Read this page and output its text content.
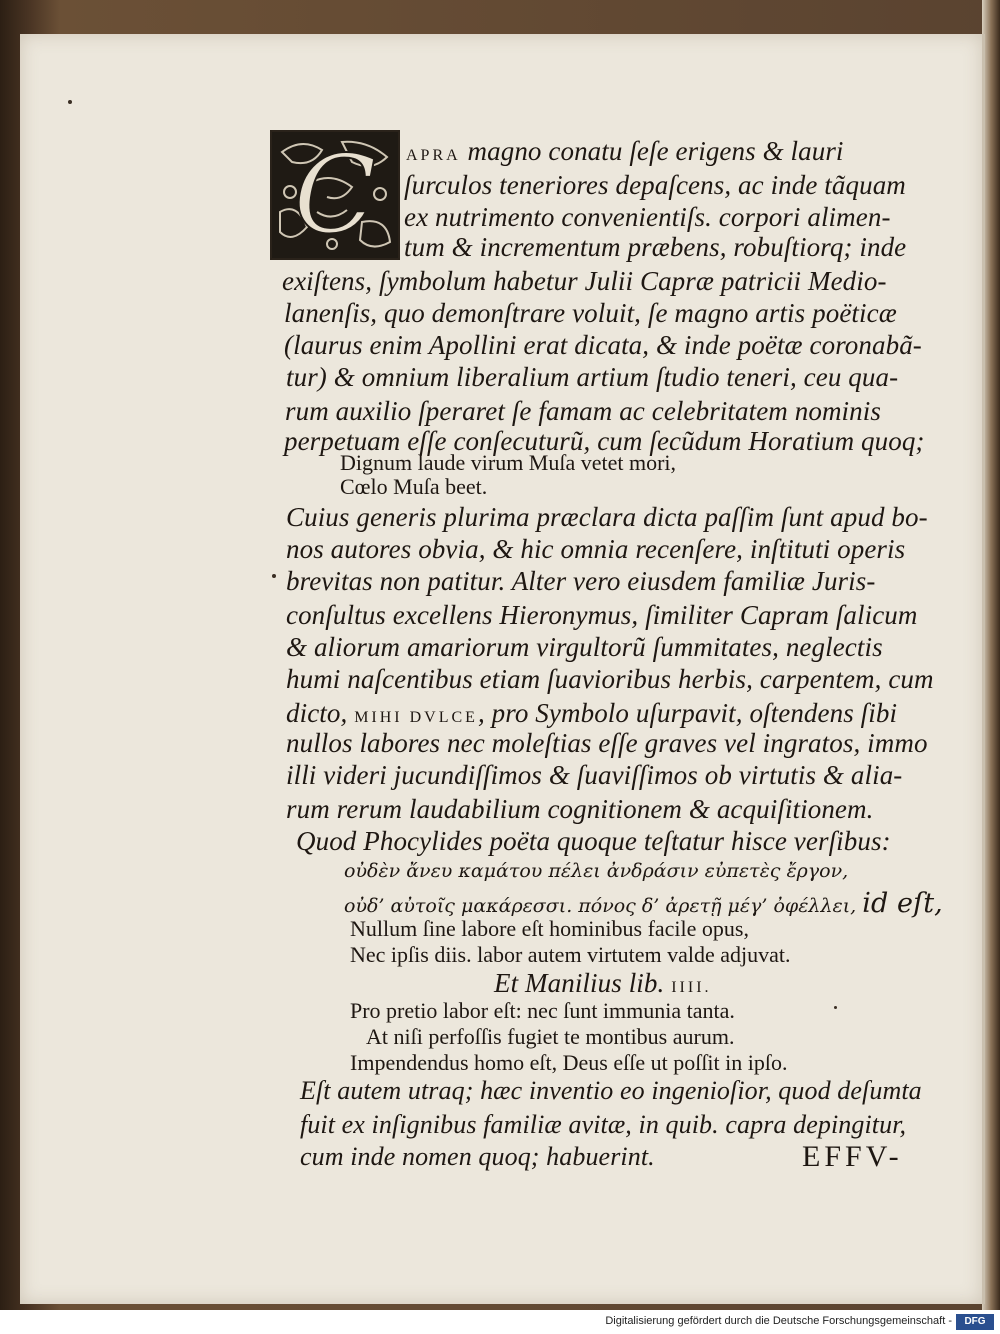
C APRA magno conatu ſeſe erigens & lauri
ſurculos teneriores depaſcens, ac inde tãquam
ex nutrimento convenientiſs. corpori alimen-
tum & incrementum præbens, robuſtiorq; inde
exiſtens, ſymbolum habetur Julii Capræ patricii Medio-
lanenſis, quo demonſtrare voluit, ſe magno artis poëticæ
(laurus enim Apollini erat dicata, & inde poëtæ coronabã-
tur) & omnium liberalium artium ſtudio teneri, ceu qua-
rum auxilio ſperaret ſe famam ac celebritatem nominis
perpetuam eſſe conſecuturũ, cum ſecũdum Horatium quoq;
Dignum laude virum Muſa vetet mori,
Cœlo Muſa beet.
Cuius generis plurima præclara dicta paſſim ſunt apud bo-
nos autores obvia, & hic omnia recenſere, inſtituti operis
brevitas non patitur. Alter vero eiusdem familiæ Juris-
conſultus excellens Hieronymus, ſimiliter Capram ſalicum
& aliorum amariorum virgultorũ ſummitates, neglectis
humi naſcentibus etiam ſuavioribus herbis, carpentem, cum
dicto, MIHI DVLCE, pro Symbolo uſurpavit, oſtendens ſibi
nullos labores nec moleſtias eſſe graves vel ingratos, immo
illi videri jucundiſſimos & ſuaviſſimos ob virtutis & alia-
rum rerum laudabilium cognitionem & acquiſitionem.
Quod Phocylides poëta quoque teſtatur hisce verſibus:
οὐδὲν ἄνευ καμάτου πέλει ἀνδράσιν εὐπετὲς ἔργον,
οὐδ’ αὐτοῖς μακάρεσσι. πόνος δ’ ἀρετῇ μέγ’ ὀφέλλει, id eſt,
Nullum ſine labore eſt hominibus facile opus,
Nec ipſis diis. labor autem virtutem valde adjuvat.
Et Manilius lib. IIII.
Pro pretio labor eſt: nec ſunt immunia tanta.
At niſi perfoſſis fugiet te montibus aurum.
Impendendus homo eſt, Deus eſſe ut poſſit in ipſo.
Eſt autem utraq; hæc inventio eo ingenioſior, quod deſumta
fuit ex inſignibus familiæ avitæ, in quib. capra depingitur,
cum inde nomen quoq; habuerint.	EFFV-
Digitalisierung gefördert durch die Deutsche Forschungsgemeinschaft -	DFG
